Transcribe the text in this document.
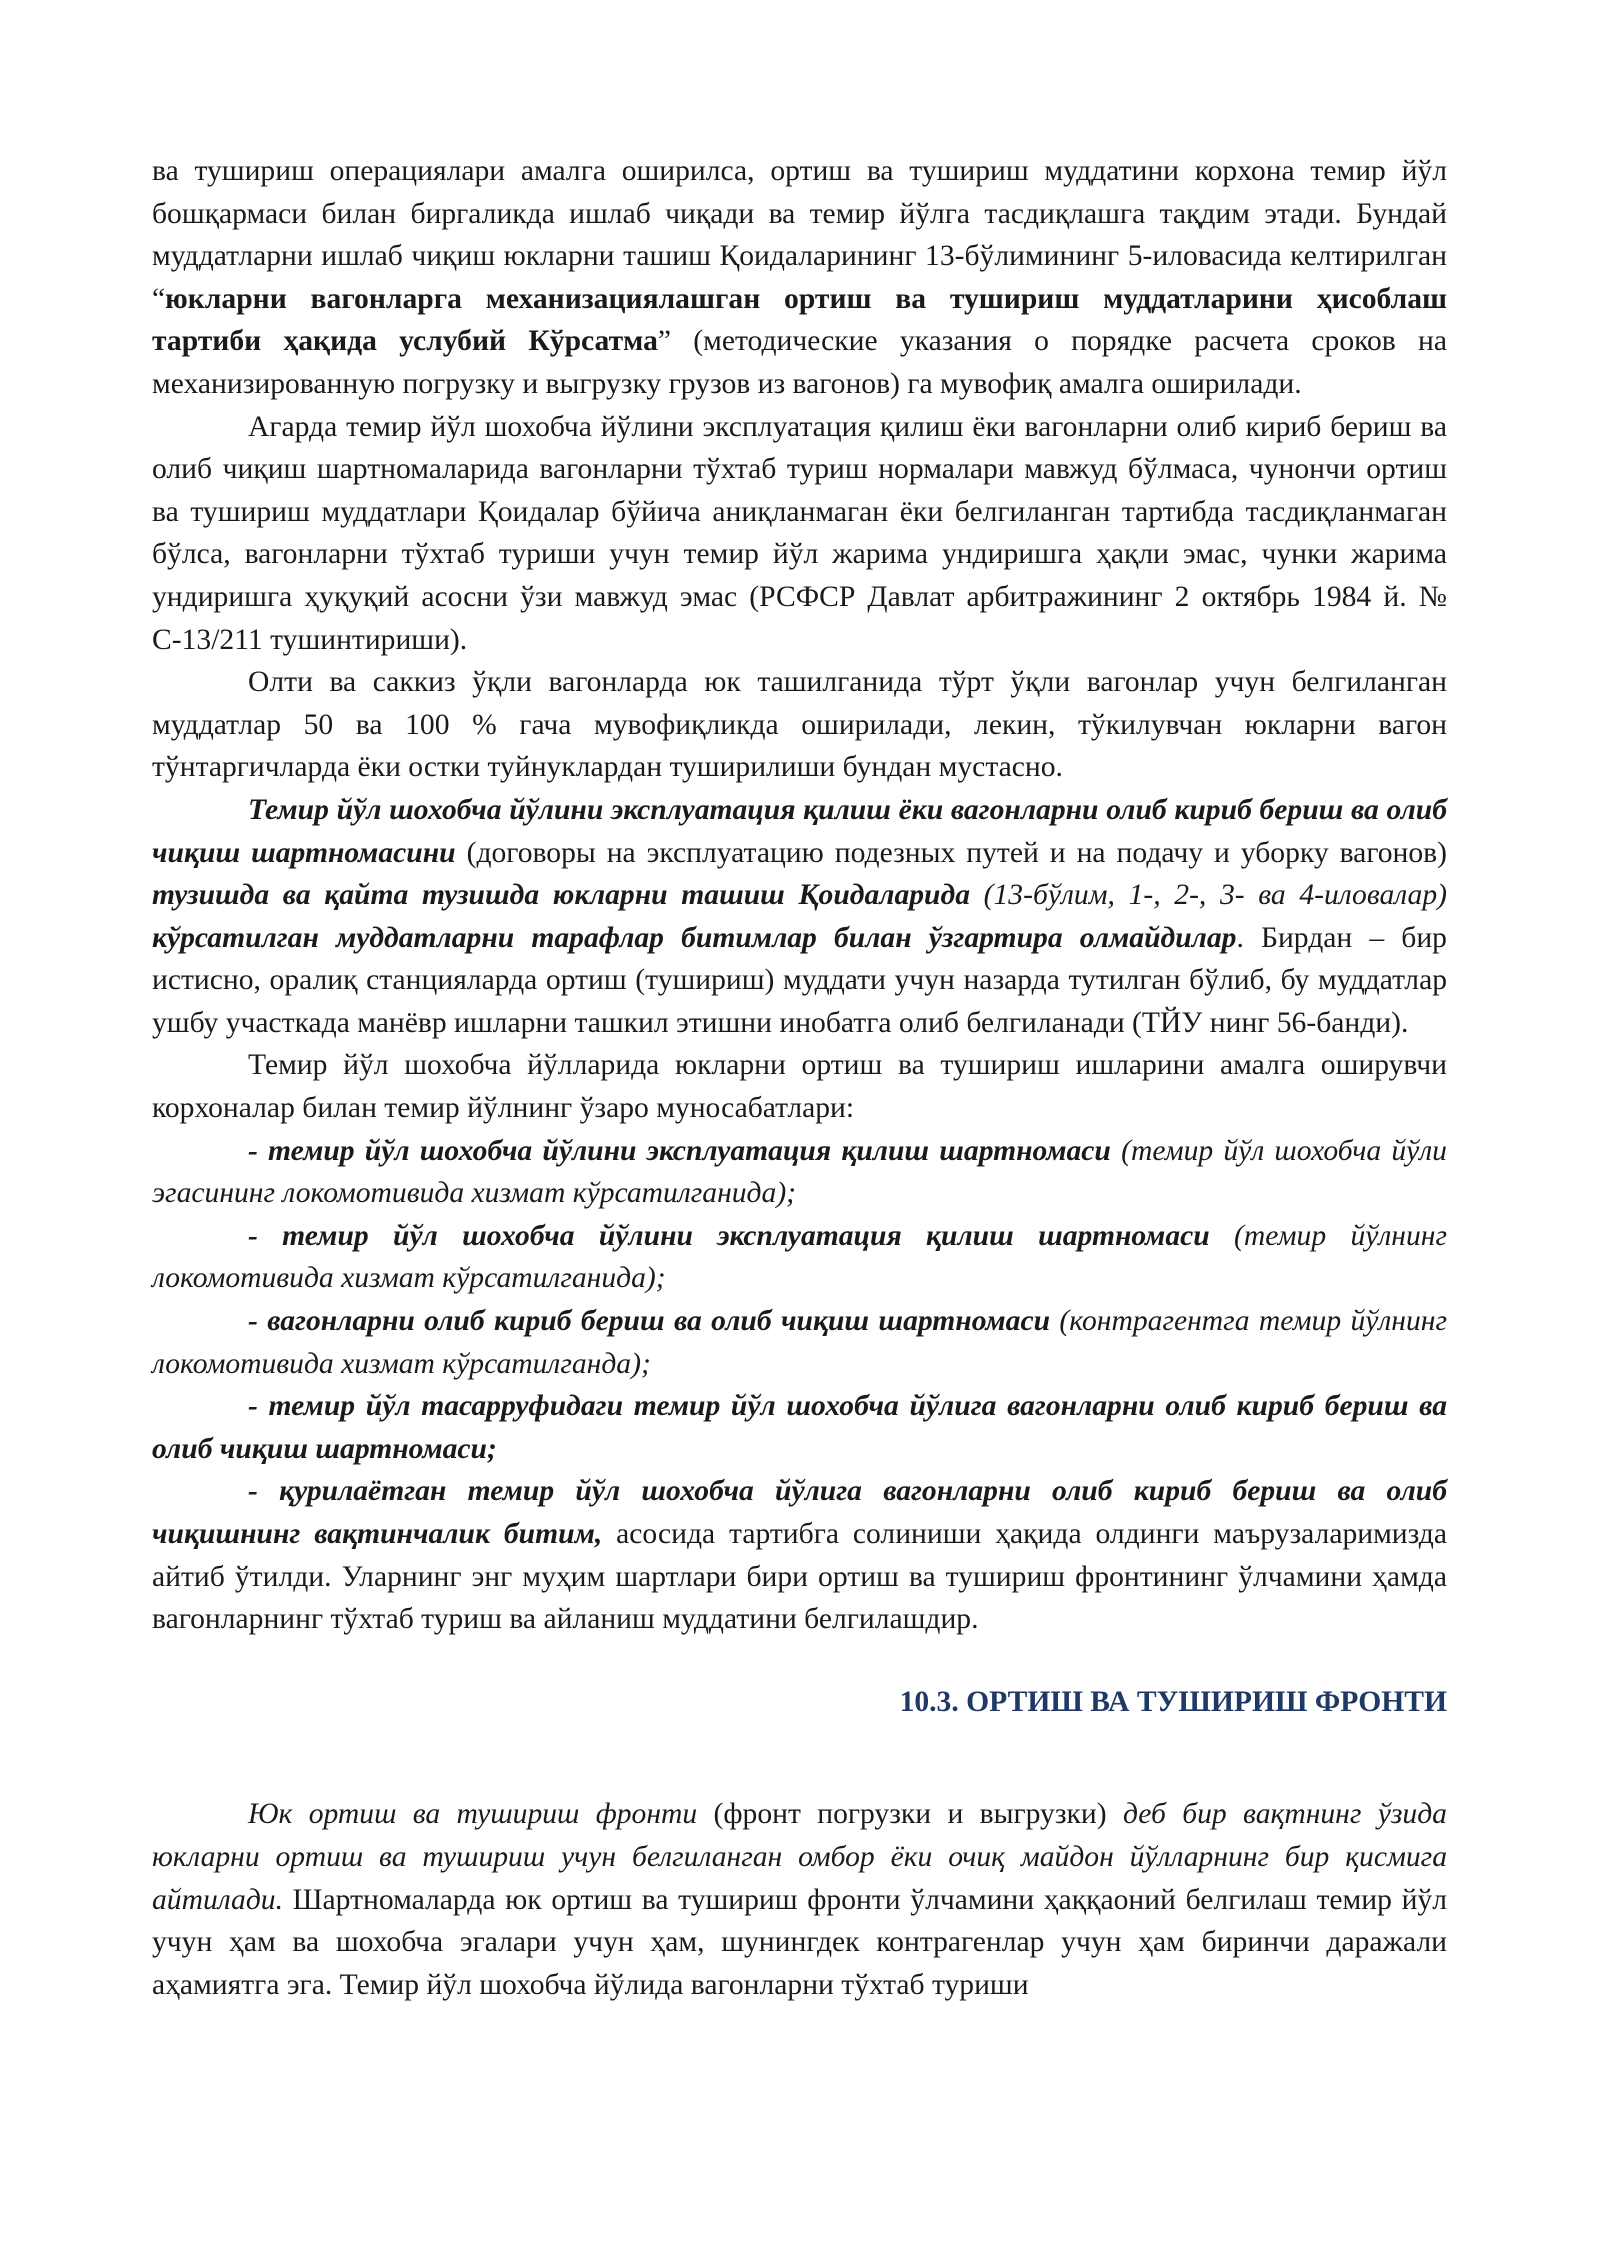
ва тушириш операциялари амалга оширилса, ортиш ва тушириш муддатини корхона темир йўл бошқармаси билан биргаликда ишлаб чиқади ва темир йўлга тасдиқлашга тақдим этади. Бундай муддатларни ишлаб чиқиш юкларни ташиш Қоидаларининг 13-бўлимининг 5-иловасида келтирилган “юкларни вагонларга механизациялашган ортиш ва тушириш муддатларини ҳисоблаш тартиби ҳақида услубий Кўрсатма” (методические указания о порядке расчета сроков на механизированную погрузку и выгрузку грузов из вагонов) га мувофиқ амалга оширилади.

Агарда темир йўл шохобча йўлини эксплуатация қилиш ёки вагонларни олиб кириб бериш ва олиб чиқиш шартномаларида вагонларни тўхтаб туриш нормалари мавжуд бўлмаса, чунончи ортиш ва тушириш муддатлари Қоидалар бўйича аниқланмаган ёки белгиланган тартибда тасдиқланмаган бўлса, вагонларни тўхтаб туриши учун темир йўл жарима ундиришга ҳақли эмас, чунки жарима ундиришга ҳуқуқий асосни ўзи мавжуд эмас (РСФСР Давлат арбитражининг 2 октябрь 1984 й. № С-13/211 тушинтириши).

Олти ва саккиз ўқли вагонларда юк ташилганида тўрт ўқли вагонлар учун белгиланган муддатлар 50 ва 100 % гача мувофиқликда оширилади, лекин, тўкилувчан юкларни вагон тўнтаргичларда ёки остки туйнуклардан туширилиши бундан мустасно.

Темир йўл шохобча йўлини эксплуатация қилиш ёки вагонларни олиб кириб бериш ва олиб чиқиш шартномасини (договоры на эксплуатацию подезных путей и на подачу и уборку вагонов) тузишда ва қайта тузишда юкларни ташиш Қоидаларида (13-бўлим, 1-, 2-, 3- ва 4-иловалар) кўрсатилган муддатларни тарафлар битимлар билан ўзгартира олмайдилар. Бирдан – бир истисно, оралиқ станцияларда ортиш (тушириш) муддати учун назарда тутилган бўлиб, бу муддатлар ушбу участкада манёвр ишларни ташкил этишни инобатга олиб белгиланади (ТЙУ нинг 56-банди).

Темир йўл шохобча йўлларида юкларни ортиш ва тушириш ишларини амалга оширувчи корхоналар билан темир йўлнинг ўзаро муносабатлари:

- темир йўл шохобча йўлини эксплуатация қилиш шартномаси (темир йўл шохобча йўли эгасининг локомотивида хизмат кўрсатилганида);

- темир йўл шохобча йўлини эксплуатация қилиш шартномаси (темир йўлнинг локомотивида хизмат кўрсатилганида);

- вагонларни олиб кириб бериш ва олиб чиқиш шартномаси (контрагентга темир йўлнинг локомотивида хизмат кўрсатилганда);

- темир йўл тасарруфидаги темир йўл шохобча йўлига вагонларни олиб кириб бериш ва олиб чиқиш шартномаси;

- қурилаётган темир йўл шохобча йўлига вагонларни олиб кириб бериш ва олиб чиқишнинг вақтинчалик битим, асосида тартибга солиниши ҳақида олдинги маърузаларимизда айтиб ўтилди. Уларнинг энг муҳим шартлари бири ортиш ва тушириш фронтининг ўлчамини ҳамда вагонларнинг тўхтаб туриш ва айланиш муддатини белгилашдир.

10.3. ОРТИШ ВА ТУШИРИШ ФРОНТИ

Юк ортиш ва тушириш фронти (фронт погрузки и выгрузки) деб бир вақтнинг ўзида юкларни ортиш ва тушириш учун белгиланган омбор ёки очиқ майдон йўлларнинг бир қисмига айтилади. Шартномаларда юк ортиш ва тушириш фронти ўлчамини ҳаққаоний белгилаш темир йўл учун ҳам ва шохобча эгалари учун ҳам, шунингдек контрагенлар учун ҳам биринчи даражали аҳамиятга эга. Темир йўл шохобча йўлида вагонларни тўхтаб туриши
